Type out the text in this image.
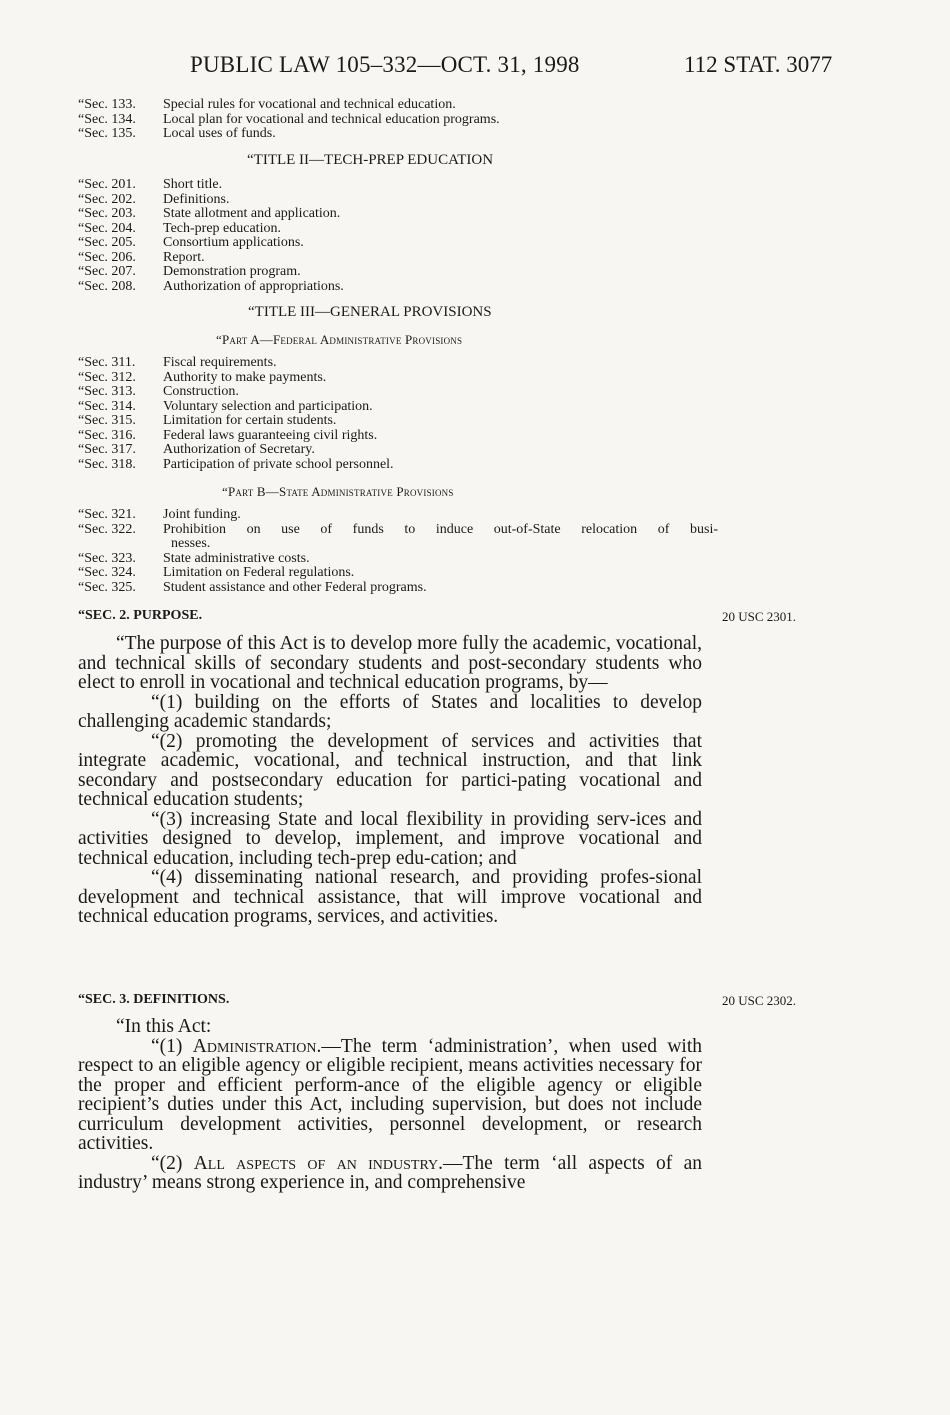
PUBLIC LAW 105–332—OCT. 31, 1998	112 STAT. 3077
“Sec. 133.	Special rules for vocational and technical education.
“Sec. 134.	Local plan for vocational and technical education programs.
“Sec. 135.	Local uses of funds.
“TITLE II—TECH-PREP EDUCATION
“Sec. 201.	Short title.
“Sec. 202.	Definitions.
“Sec. 203.	State allotment and application.
“Sec. 204.	Tech-prep education.
“Sec. 205.	Consortium applications.
“Sec. 206.	Report.
“Sec. 207.	Demonstration program.
“Sec. 208.	Authorization of appropriations.
“TITLE III—GENERAL PROVISIONS
“Part A—Federal Administrative Provisions
“Sec. 311.	Fiscal requirements.
“Sec. 312.	Authority to make payments.
“Sec. 313.	Construction.
“Sec. 314.	Voluntary selection and participation.
“Sec. 315.	Limitation for certain students.
“Sec. 316.	Federal laws guaranteeing civil rights.
“Sec. 317.	Authorization of Secretary.
“Sec. 318.	Participation of private school personnel.
“Part B—State Administrative Provisions
“Sec. 321.	Joint funding.
“Sec. 322.	Prohibition on use of funds to induce out-of-State relocation of busi-
nesses.
“Sec. 323.	State administrative costs.
“Sec. 324.	Limitation on Federal regulations.
“Sec. 325.	Student assistance and other Federal programs.
“SEC. 2. PURPOSE.	20 USC 2301.

“The purpose of this Act is to develop more fully the academic, vocational, and technical skills of secondary students and post-secondary students who elect to enroll in vocational and technical education programs, by—

“(1) building on the efforts of States and localities to develop challenging academic standards;

“(2) promoting the development of services and activities that integrate academic, vocational, and technical instruction, and that link secondary and postsecondary education for partici-pating vocational and technical education students;

“(3) increasing State and local flexibility in providing serv-ices and activities designed to develop, implement, and improve vocational and technical education, including tech-prep edu-cation; and

“(4) disseminating national research, and providing profes-sional development and technical assistance, that will improve vocational and technical education programs, services, and activities.

“SEC. 3. DEFINITIONS.	20 USC 2302.

“In this Act:

“(1) Administration.—The term ‘administration’, when used with respect to an eligible agency or eligible recipient, means activities necessary for the proper and efficient perform-ance of the eligible agency or eligible recipient’s duties under this Act, including supervision, but does not include curriculum development activities, personnel development, or research activities.

“(2) All aspects of an industry.—The term ‘all aspects of an industry’ means strong experience in, and comprehensive
